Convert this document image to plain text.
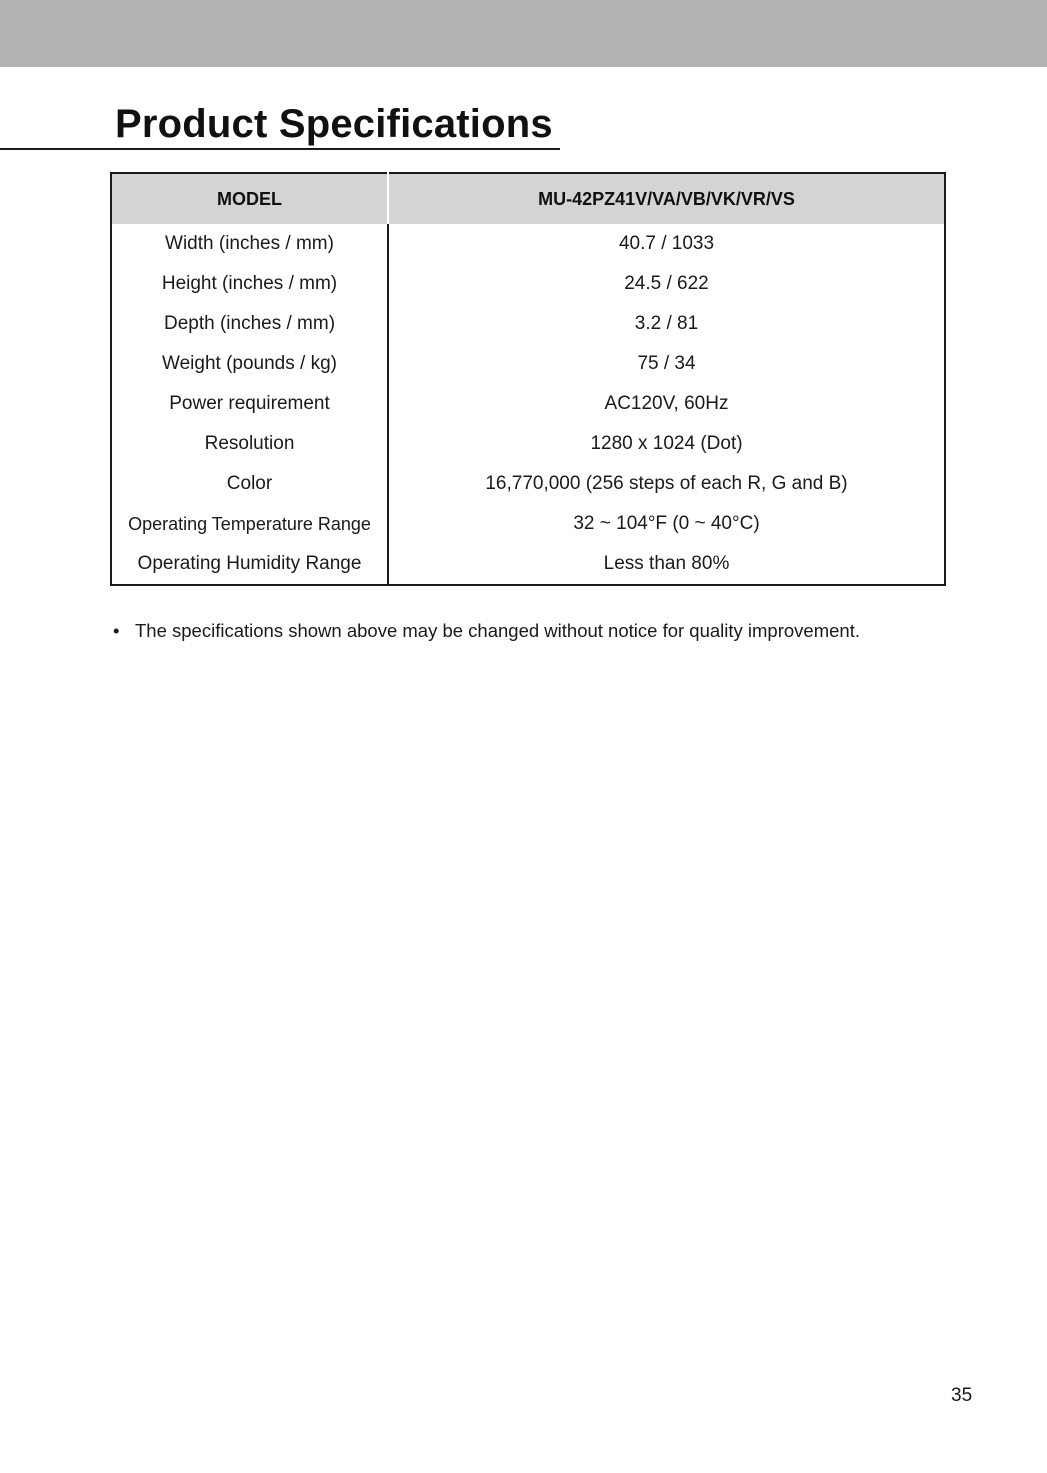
Product Specifications
MODEL	MU-42PZ41V/VA/VB/VK/VR/VS
Width (inches / mm)	40.7 / 1033
Height (inches / mm)	24.5 / 622
Depth (inches / mm)	3.2 / 81
Weight (pounds / kg)	75 / 34
Power requirement	AC120V, 60Hz
Resolution	1280 x 1024 (Dot)
Color	16,770,000 (256 steps of each R, G and B)
Operating Temperature Range	32 ~ 104°F (0 ~ 40°C)
Operating Humidity Range	Less than 80%
• The specifications shown above may be changed without notice for quality improvement.
35
